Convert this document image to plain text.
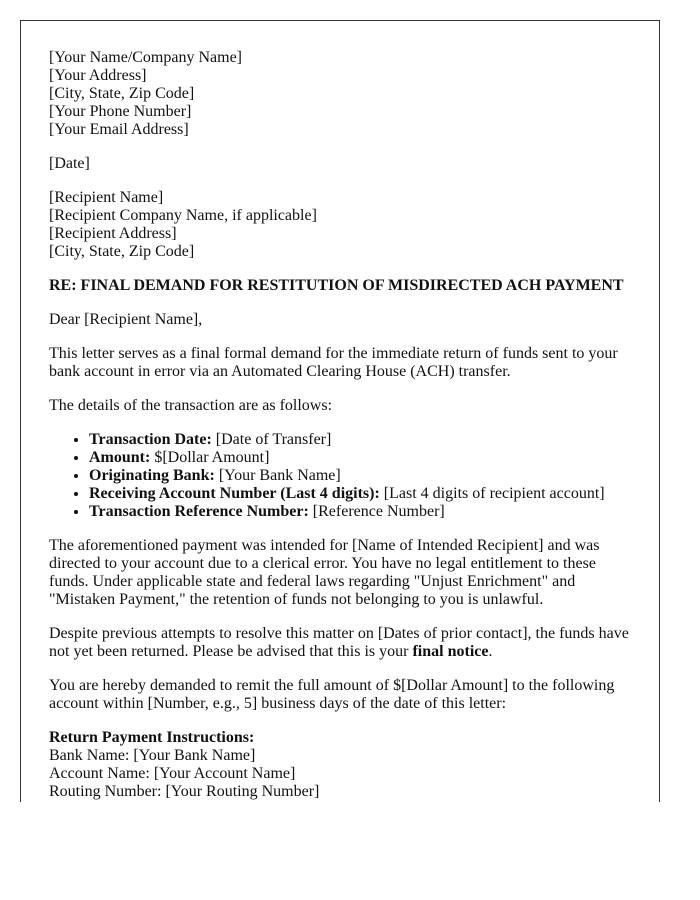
[Your Name/Company Name]
[Your Address]
[City, State, Zip Code]
[Your Phone Number]
[Your Email Address]

[Date]

[Recipient Name]
[Recipient Company Name, if applicable]
[Recipient Address]
[City, State, Zip Code]

RE: FINAL DEMAND FOR RESTITUTION OF MISDIRECTED ACH PAYMENT

Dear [Recipient Name],

This letter serves as a final formal demand for the immediate return of funds sent to your bank account in error via an Automated Clearing House (ACH) transfer.

The details of the transaction are as follows:

• Transaction Date: [Date of Transfer]
• Amount: $[Dollar Amount]
• Originating Bank: [Your Bank Name]
• Receiving Account Number (Last 4 digits): [Last 4 digits of recipient account]
• Transaction Reference Number: [Reference Number]

The aforementioned payment was intended for [Name of Intended Recipient] and was directed to your account due to a clerical error. You have no legal entitlement to these funds. Under applicable state and federal laws regarding "Unjust Enrichment" and "Mistaken Payment," the retention of funds not belonging to you is unlawful.

Despite previous attempts to resolve this matter on [Dates of prior contact], the funds have not yet been returned. Please be advised that this is your final notice.

You are hereby demanded to remit the full amount of $[Dollar Amount] to the following account within [Number, e.g., 5] business days of the date of this letter:

Return Payment Instructions:
Bank Name: [Your Bank Name]
Account Name: [Your Account Name]
Routing Number: [Your Routing Number]
